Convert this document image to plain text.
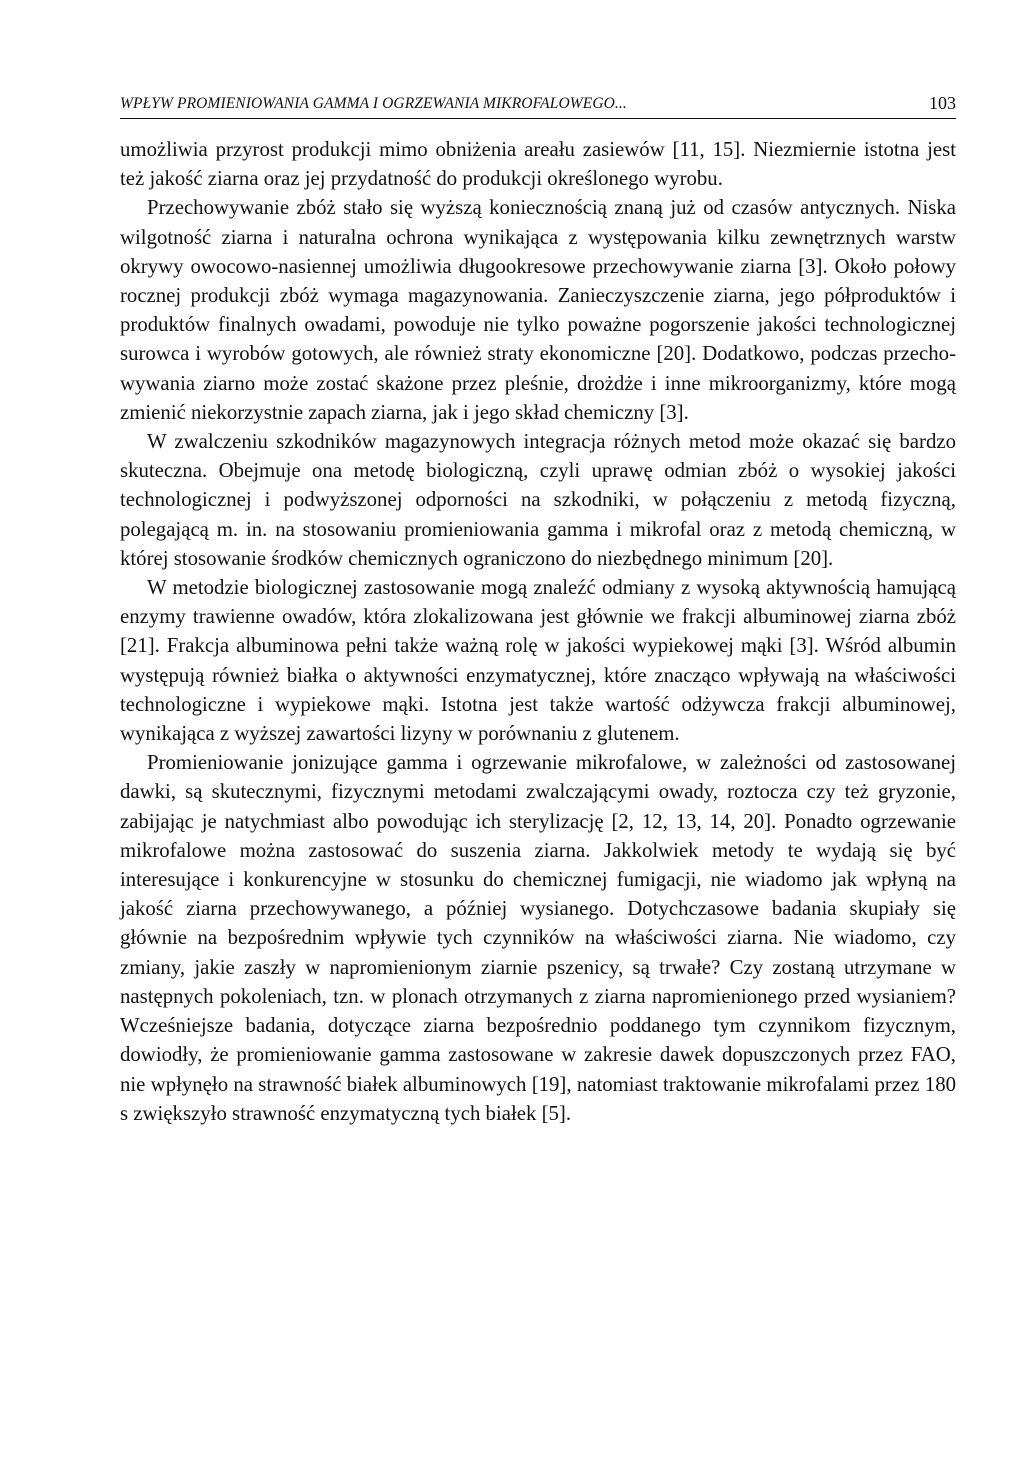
WPŁYW PROMIENIOWANIA GAMMA I OGRZEWANIA MIKROFALOWEGO...	103

umożliwia przyrost produkcji mimo obniżenia areału zasiewów [11, 15]. Niezmiernie istotna jest też jakość ziarna oraz jej przydatność do produkcji określonego wyrobu.

Przechowywanie zbóż stało się wyższą koniecznością znaną już od czasów antycznych. Niska wilgotność ziarna i naturalna ochrona wynikająca z występowania kilku zewnętrznych warstw okrywy owocowo-nasiennej umożliwia długookresowe przechowywanie ziarna [3]. Około połowy rocznej produkcji zbóż wymaga magazynowania. Zanieczyszczenie ziarna, jego półproduktów i produktów finalnych owadami, powoduje nie tylko poważne pogorszenie jakości technologicznej surowca i wyrobów gotowych, ale również straty ekonomiczne [20]. Dodatkowo, podczas przechowywania ziarno może zostać skażone przez pleśnie, drożdże i inne mikroorganizmy, które mogą zmienić niekorzystnie zapach ziarna, jak i jego skład chemiczny [3].

W zwalczeniu szkodników magazynowych integracja różnych metod może okazać się bardzo skuteczna. Obejmuje ona metodę biologiczną, czyli uprawę odmian zbóż o wysokiej jakości technologicznej i podwyższonej odporności na szkodniki, w połączeniu z metodą fizyczną, polegającą m. in. na stosowaniu promieniowania gamma i mikrofal oraz z metodą chemiczną, w której stosowanie środków chemicznych ograniczono do niezbędnego minimum [20].

W metodzie biologicznej zastosowanie mogą znaleźć odmiany z wysoką aktywnością hamującą enzymy trawienne owadów, która zlokalizowana jest głównie we frakcji albuminowej ziarna zbóż [21]. Frakcja albuminowa pełni także ważną rolę w jakości wypiekowej mąki [3]. Wśród albumin występują również białka o aktywności enzymatycznej, które znacząco wpływają na właściwości technologiczne i wypiekowe mąki. Istotna jest także wartość odżywcza frakcji albuminowej, wynikająca z wyższej zawartości lizyny w porównaniu z glutenem.

Promieniowanie jonizujące gamma i ogrzewanie mikrofalowe, w zależności od zastosowanej dawki, są skutecznymi, fizycznymi metodami zwalczającymi owady, roztocza czy też gryzonie, zabijając je natychmiast albo powodując ich sterylizację [2, 12, 13, 14, 20]. Ponadto ogrzewanie mikrofalowe można zastosować do suszenia ziarna. Jakkolwiek metody te wydają się być interesujące i konkurencyjne w stosunku do chemicznej fumigacji, nie wiadomo jak wpłyną na jakość ziarna przechowywanego, a później wysianego. Dotychczasowe badania skupiały się głównie na bezpośrednim wpływie tych czynników na właściwości ziarna. Nie wiadomo, czy zmiany, jakie zaszły w napromienionym ziarnie pszenicy, są trwałe? Czy zostaną utrzymane w następnych pokoleniach, tzn. w plonach otrzymanych z ziarna napromienionego przed wysianiem? Wcześniejsze badania, dotyczące ziarna bezpośrednio poddanego tym czynnikom fizycznym, dowiodły, że promieniowanie gamma zastosowane w zakresie dawek dopuszczonych przez FAO, nie wpłynęło na strawność białek albuminowych [19], natomiast traktowanie mikrofalami przez 180 s zwiększyło strawność enzymatyczną tych białek [5].
